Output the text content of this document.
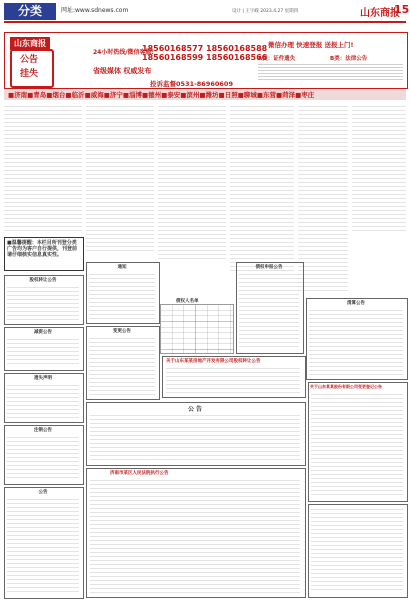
分类	网址:www.sdnews.com	设计 | 王宇嵘 2023.4.27 星期四	山东商报
15
山东商报
公告
挂失
24小时热线/微信客服:
18560168577 18560168588
18560168599 18560168566
省级媒体 权威发布
投诉监督0531-86960609
微信办理 快速登报 送报上门!
A类：证件遗失	B类：法律公告
■济南■青岛■烟台■临沂■威海■济宁■淄博■德州■泰安■滨州■潍坊■日照■聊城■东营■菏泽■枣庄
■温馨提醒：本栏目所刊登分类广告均为客户自行提供，刊登前请仔细核实信息真实性。
股权转让公告
减资公告
遗失声明
注销公告
公告
通知
变更公告
债权人名单
债权申报公告
清算公告
关于山东某某房地产开发有限公司股权转让公告
公 告
济南市某区人民法院执行公告
关于山东某某股份有限公司变更登记公告
